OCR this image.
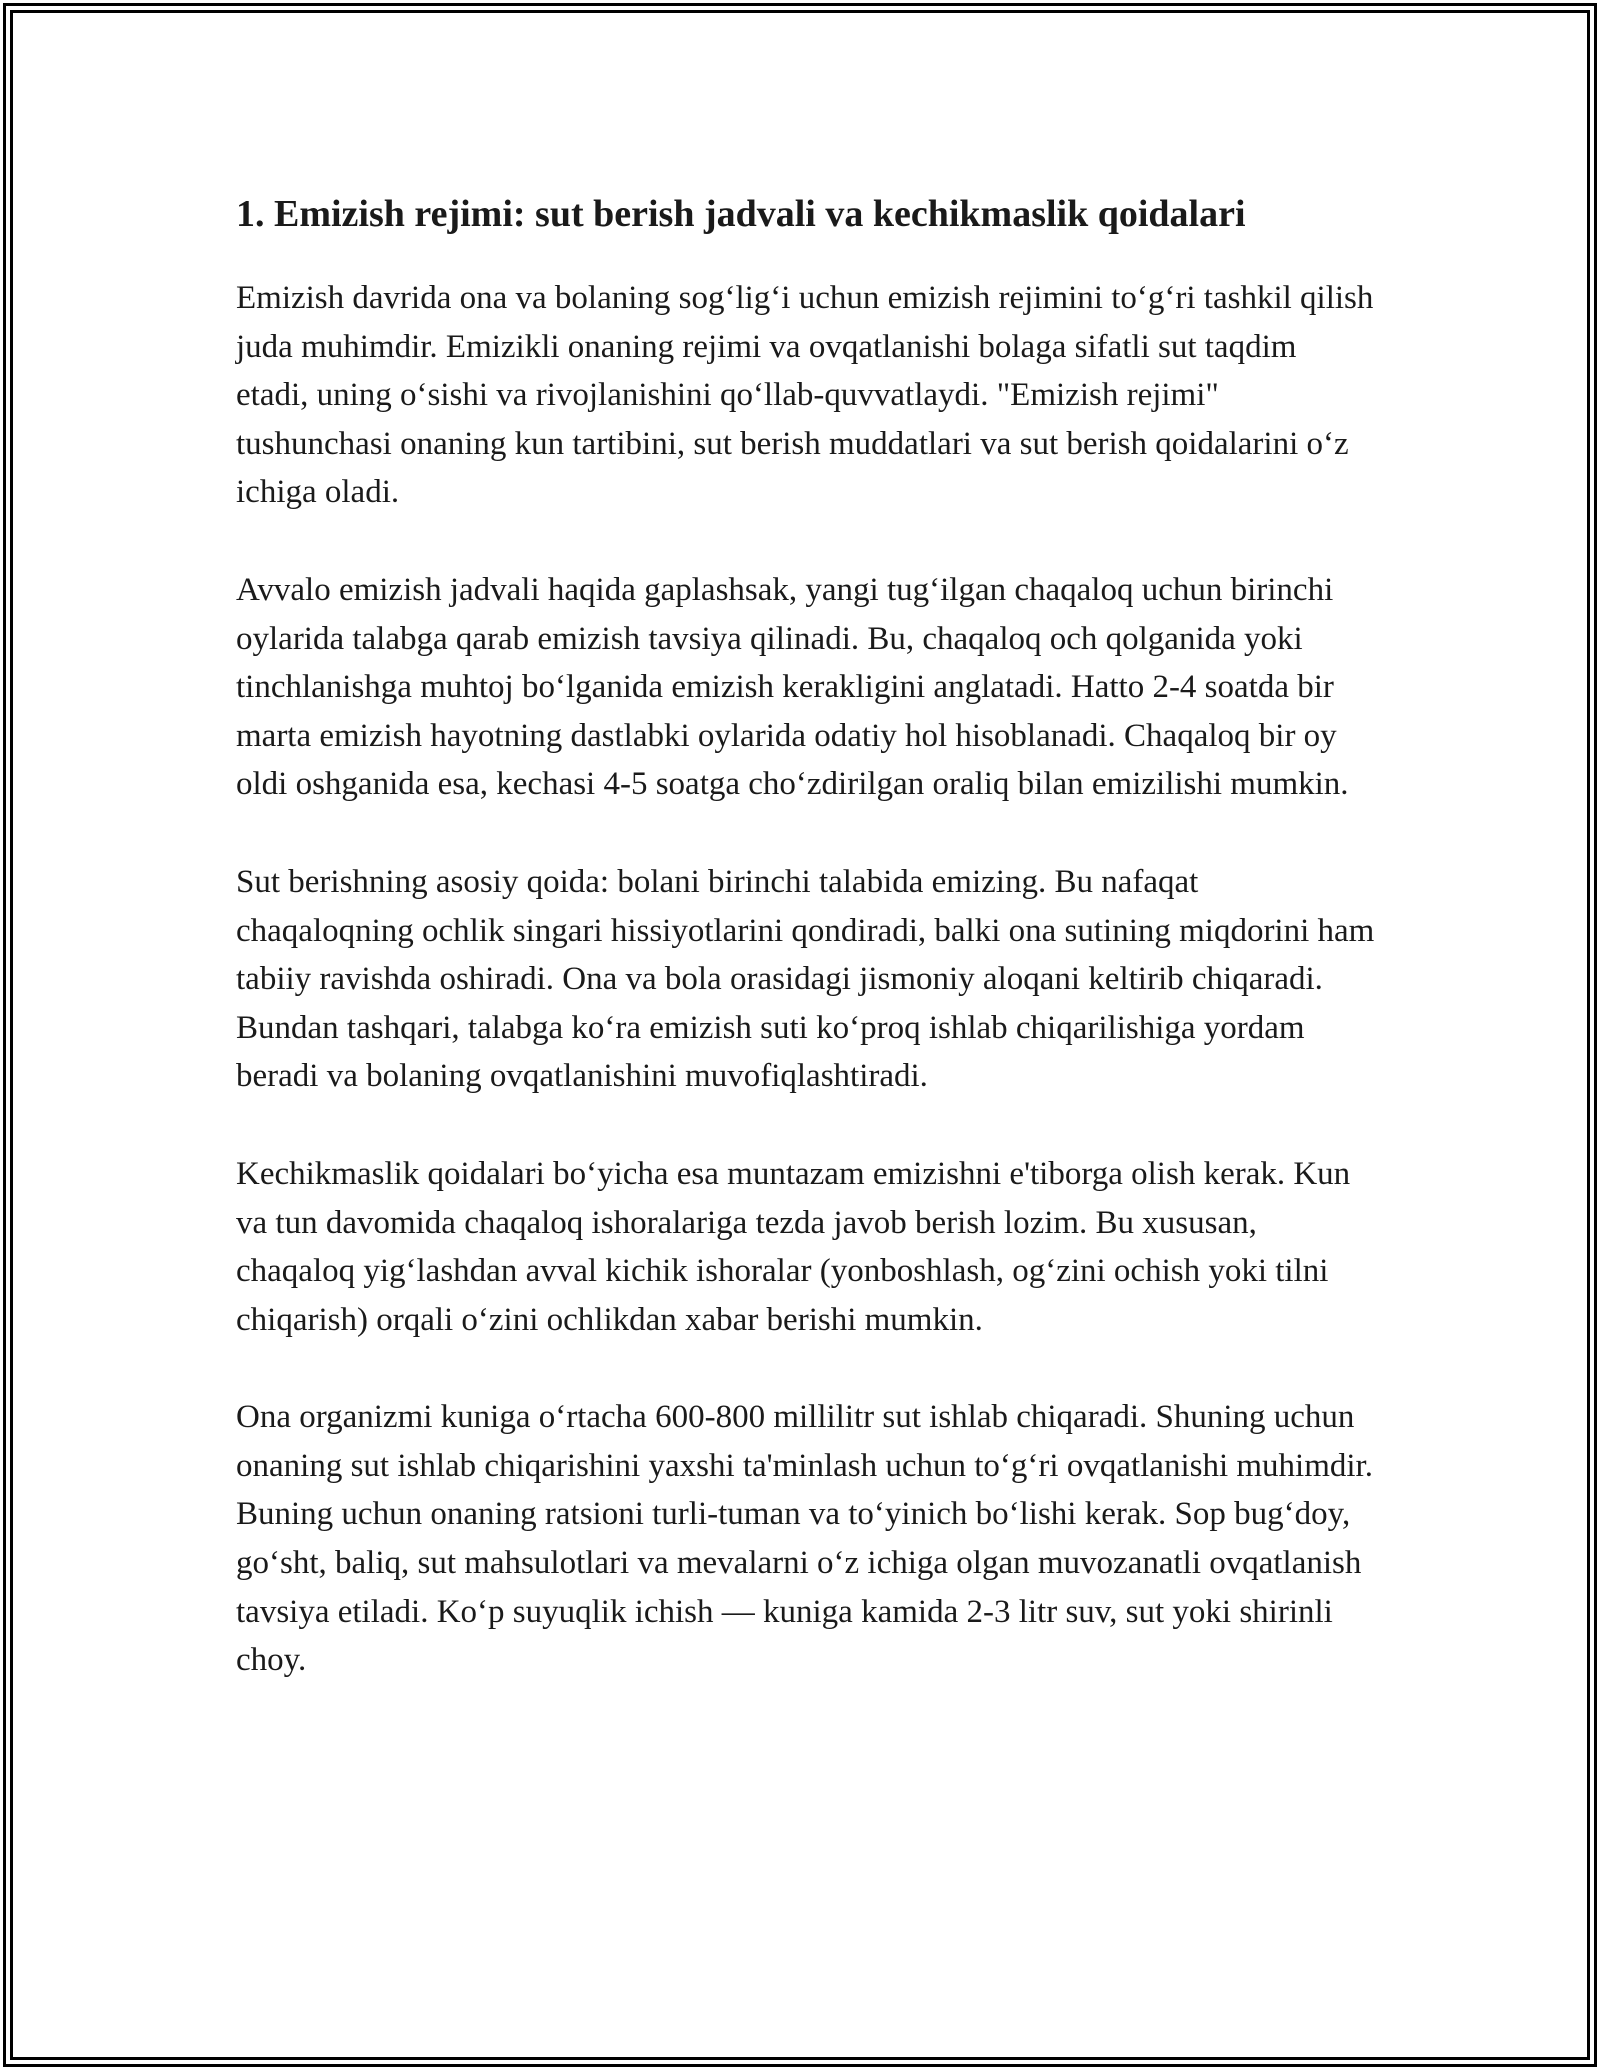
1. Emizish rejimi: sut berish jadvali va kechikmaslik qoidalari

Emizish davrida ona va bolaning sog‘lig‘i uchun emizish rejimini to‘g‘ri tashkil qilish juda muhimdir. Emizikli onaning rejimi va ovqatlanishi bolaga sifatli sut taqdim etadi, uning o‘sishi va rivojlanishini qo‘llab-quvvatlaydi. "Emizish rejimi" tushunchasi onaning kun tartibini, sut berish muddatlari va sut berish qoidalarini o‘z ichiga oladi.

Avvalo emizish jadvali haqida gaplashsak, yangi tug‘ilgan chaqaloq uchun birinchi oylarida talabga qarab emizish tavsiya qilinadi. Bu, chaqaloq och qolganida yoki tinchlanishga muhtoj bo‘lganida emizish kerakligini anglatadi. Hatto 2-4 soatda bir marta emizish hayotning dastlabki oylarida odatiy hol hisoblanadi. Chaqaloq bir oy oldi oshganida esa, kechasi 4-5 soatga cho‘zdirilgan oraliq bilan emizilishi mumkin.

Sut berishning asosiy qoida: bolani birinchi talabida emizing. Bu nafaqat chaqaloqning ochlik singari hissiyotlarini qondiradi, balki ona sutining miqdorini ham tabiiy ravishda oshiradi. Ona va bola orasidagi jismoniy aloqani keltirib chiqaradi. Bundan tashqari, talabga ko‘ra emizish suti ko‘proq ishlab chiqarilishiga yordam beradi va bolaning ovqatlanishini muvofiqlashtiradi.

Kechikmaslik qoidalari bo‘yicha esa muntazam emizishni e'tiborga olish kerak. Kun va tun davomida chaqaloq ishoralariga tezda javob berish lozim. Bu xususan, chaqaloq yig‘lashdan avval kichik ishoralar (yonboshlash, og‘zini ochish yoki tilni chiqarish) orqali o‘zini ochlikdan xabar berishi mumkin.

Ona organizmi kuniga o‘rtacha 600-800 millilitr sut ishlab chiqaradi. Shuning uchun onaning sut ishlab chiqarishini yaxshi ta'minlash uchun to‘g‘ri ovqatlanishi muhimdir. Buning uchun onaning ratsioni turli-tuman va to‘yinich bo‘lishi kerak. Sop bug‘doy, go‘sht, baliq, sut mahsulotlari va mevalarni o‘z ichiga olgan muvozanatli ovqatlanish tavsiya etiladi. Ko‘p suyuqlik ichish — kuniga kamida 2-3 litr suv, sut yoki shirinli choy.
